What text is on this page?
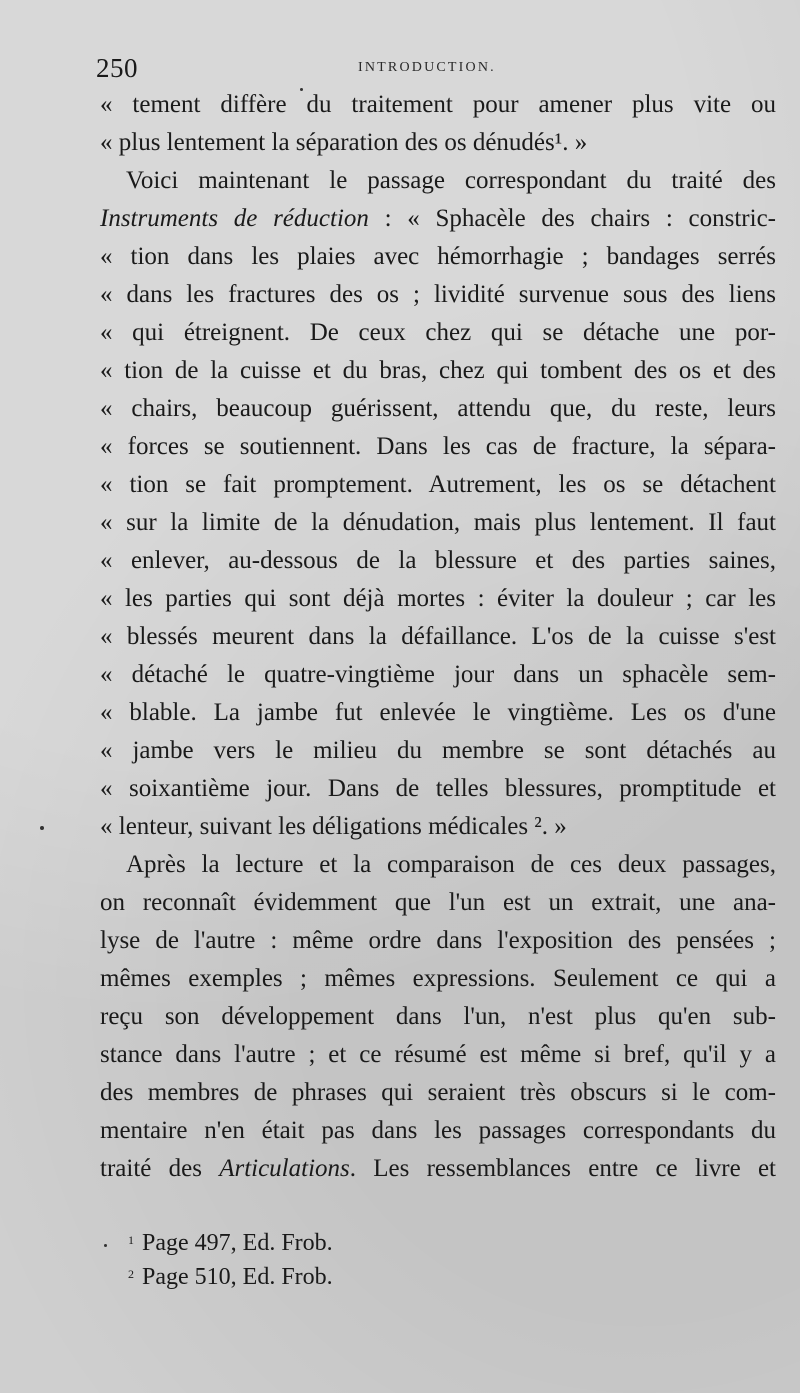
250	INTRODUCTION.
« tement diffère du traitement pour amener plus vite ou
« plus lentement la séparation des os dénudés¹. »
Voici maintenant le passage correspondant du traité des
Instruments de réduction : « Sphacèle des chairs : constric-
« tion dans les plaies avec hémorrhagie ; bandages serrés
« dans les fractures des os ; lividité survenue sous des liens
« qui étreignent. De ceux chez qui se détache une por-
« tion de la cuisse et du bras, chez qui tombent des os et des
« chairs, beaucoup guérissent, attendu que, du reste, leurs
« forces se soutiennent. Dans les cas de fracture, la sépara-
« tion se fait promptement. Autrement, les os se détachent
« sur la limite de la dénudation, mais plus lentement. Il faut
« enlever, au-dessous de la blessure et des parties saines,
« les parties qui sont déjà mortes : éviter la douleur ; car les
« blessés meurent dans la défaillance. L'os de la cuisse s'est
« détaché le quatre-vingtième jour dans un sphacèle sem-
« blable. La jambe fut enlevée le vingtième. Les os d'une
« jambe vers le milieu du membre se sont détachés au
« soixantième jour. Dans de telles blessures, promptitude et
« lenteur, suivant les déligations médicales ². »
Après la lecture et la comparaison de ces deux passages,
on reconnaît évidemment que l'un est un extrait, une ana-
lyse de l'autre : même ordre dans l'exposition des pensées ;
mêmes exemples ; mêmes expressions. Seulement ce qui a
reçu son développement dans l'un, n'est plus qu'en sub-
stance dans l'autre ; et ce résumé est même si bref, qu'il y a
des membres de phrases qui seraient très obscurs si le com-
mentaire n'en était pas dans les passages correspondants du
traité des Articulations. Les ressemblances entre ce livre et
$^1$ Page 497, Ed. Frob.
$^2$ Page 510, Ed. Frob.
